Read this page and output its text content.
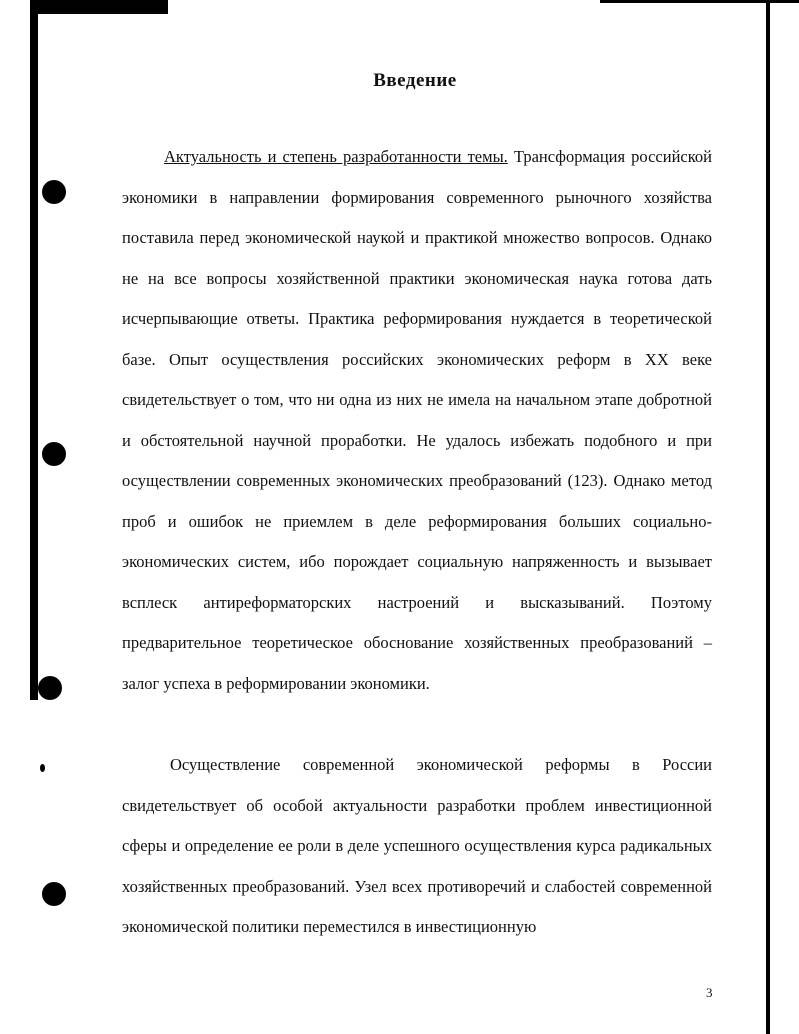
Введение

Актуальность и степень разработанности темы. Трансформация российской экономики в направлении формирования современного рыночного хозяйства поставила перед экономической наукой и практикой множество вопросов. Однако не на все вопросы хозяйственной практики экономическая наука готова дать исчерпывающие ответы. Практика реформирования нуждается в теоретической базе. Опыт осуществления российских экономических реформ в XX веке свидетельствует о том, что ни одна из них не имела на начальном этапе добротной и обстоятельной научной проработки. Не удалось избежать подобного и при осуществлении современных экономических преобразований (123). Однако метод проб и ошибок не приемлем в деле реформирования больших социально-экономических систем, ибо порождает социальную напряженность и вызывает всплеск антиреформаторских настроений и высказываний. Поэтому предварительное теоретическое обоснование хозяйственных преобразований – залог успеха в реформировании экономики.

Осуществление современной экономической реформы в России свидетельствует об особой актуальности разработки проблем инвестиционной сферы и определение ее роли в деле успешного осуществления курса радикальных хозяйственных преобразований. Узел всех противоречий и слабостей современной экономической политики переместился в инвестиционную

3
